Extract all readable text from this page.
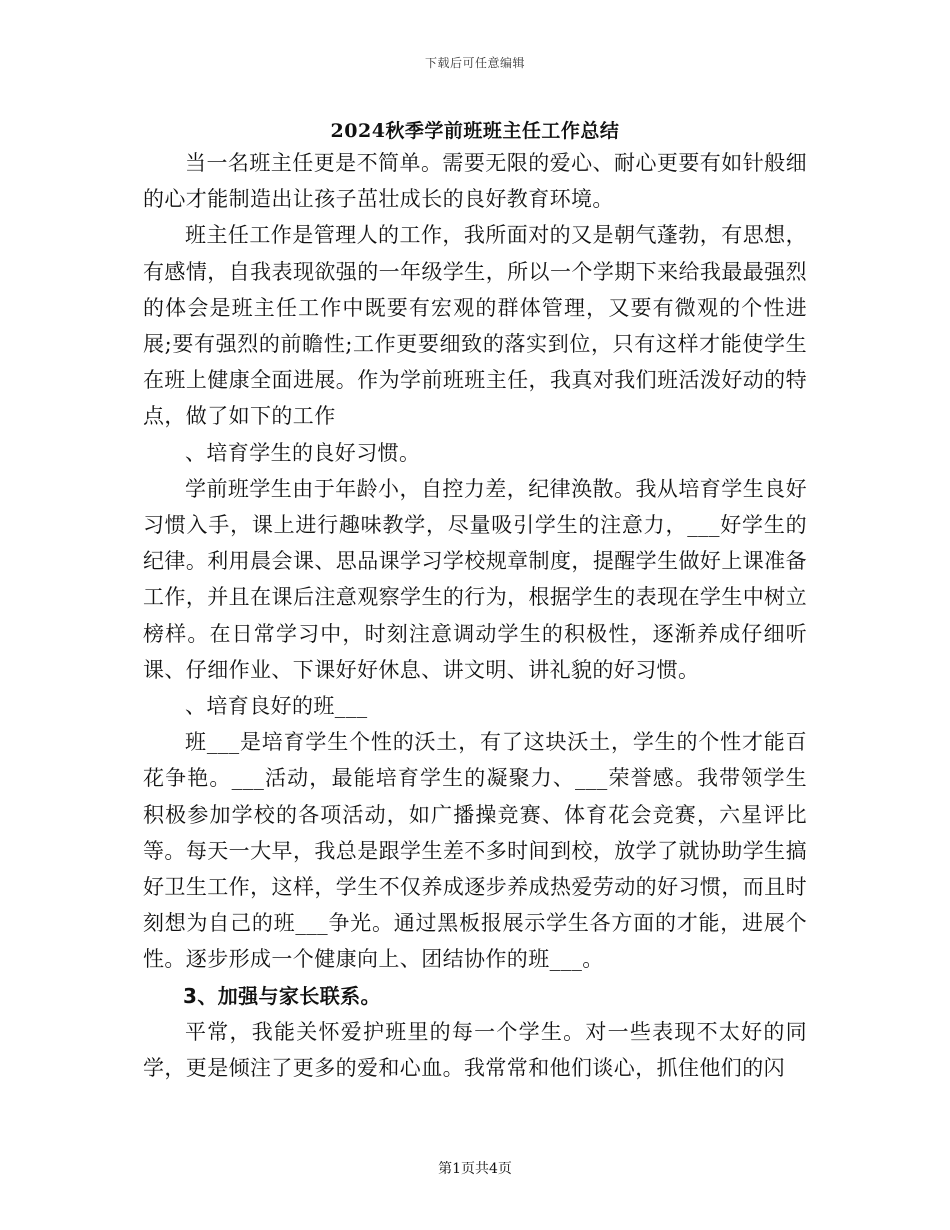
下载后可任意编辑
2024秋季学前班班主任工作总结

当一名班主任更是不简单。需要无限的爱心、耐心更要有如针般细的心才能制造出让孩子茁壮成长的良好教育环境。

班主任工作是管理人的工作，我所面对的又是朝气蓬勃，有思想，有感情，自我表现欲强的一年级学生，所以一个学期下来给我最最强烈的体会是班主任工作中既要有宏观的群体管理，又要有微观的个性进展;要有强烈的前瞻性;工作更要细致的落实到位，只有这样才能使学生在班上健康全面进展。作为学前班班主任，我真对我们班活泼好动的特点，做了如下的工作

、培育学生的良好习惯。

学前班学生由于年龄小，自控力差，纪律涣散。我从培育学生良好习惯入手，课上进行趣味教学，尽量吸引学生的注意力，___好学生的纪律。利用晨会课、思品课学习学校规章制度，提醒学生做好上课准备工作，并且在课后注意观察学生的行为，根据学生的表现在学生中树立榜样。在日常学习中，时刻注意调动学生的积极性，逐渐养成仔细听课、仔细作业、下课好好休息、讲文明、讲礼貌的好习惯。

、培育良好的班___

班___是培育学生个性的沃土，有了这块沃土，学生的个性才能百花争艳。___活动，最能培育学生的凝聚力、___荣誉感。我带领学生积极参加学校的各项活动，如广播操竞赛、体育花会竞赛，六星评比等。每天一大早，我总是跟学生差不多时间到校，放学了就协助学生搞好卫生工作，这样，学生不仅养成逐步养成热爱劳动的好习惯，而且时刻想为自己的班___争光。通过黑板报展示学生各方面的才能，进展个性。逐步形成一个健康向上、团结协作的班___。

3、加强与家长联系。

平常，我能关怀爱护班里的每一个学生。对一些表现不太好的同学，更是倾注了更多的爱和心血。我常常和他们谈心，抓住他们的闪

第1页共4页
